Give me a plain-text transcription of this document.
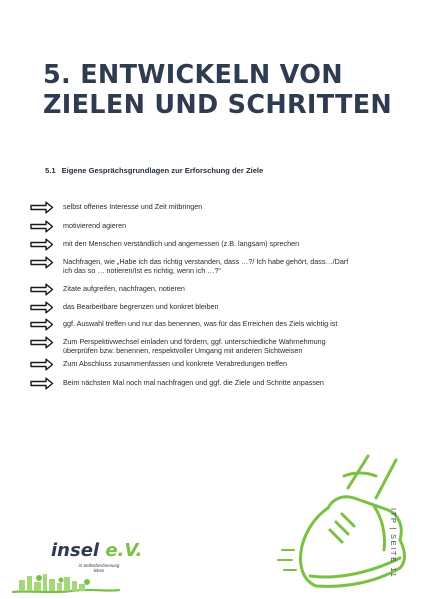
5. ENTWICKELN VON
ZIELEN UND SCHRITTEN
5.1 Eigene Gesprächsgrundlagen zur Erforschung der Ziele
selbst offenes Interesse und Zeit mitbringen
motivierend agieren
mit den Menschen verständlich und angemessen (z.B. langsam) sprechen
Nachfragen, wie „Habe ich das richtig verstanden, dass …?/ Ich habe gehört, dass…/Darf
ich das so … notieren/Ist es richtig, wenn ich …?“
Zitate aufgreifen, nachfragen, notieren
das Bearbeitbare begrenzen und konkret bleiben
ggf. Auswahl treffen und nur das benennen, was für das Erreichen des Ziels wichtig ist
Zum Perspektivwechsel einladen und fördern, ggf. unterschiedliche Wahrnehmung
überprüfen bzw. benennen, respektvoller Umgang mit anderen Sichtweisen
Zum Abschluss zusammenfassen und konkrete Verabredungen treffen
Beim nächsten Mal noch mal nachfragen und ggf. die Ziele und Schritte anpassen
ITP|SEITE 11
insel e.V.
in Selbstbestimmung
leben
